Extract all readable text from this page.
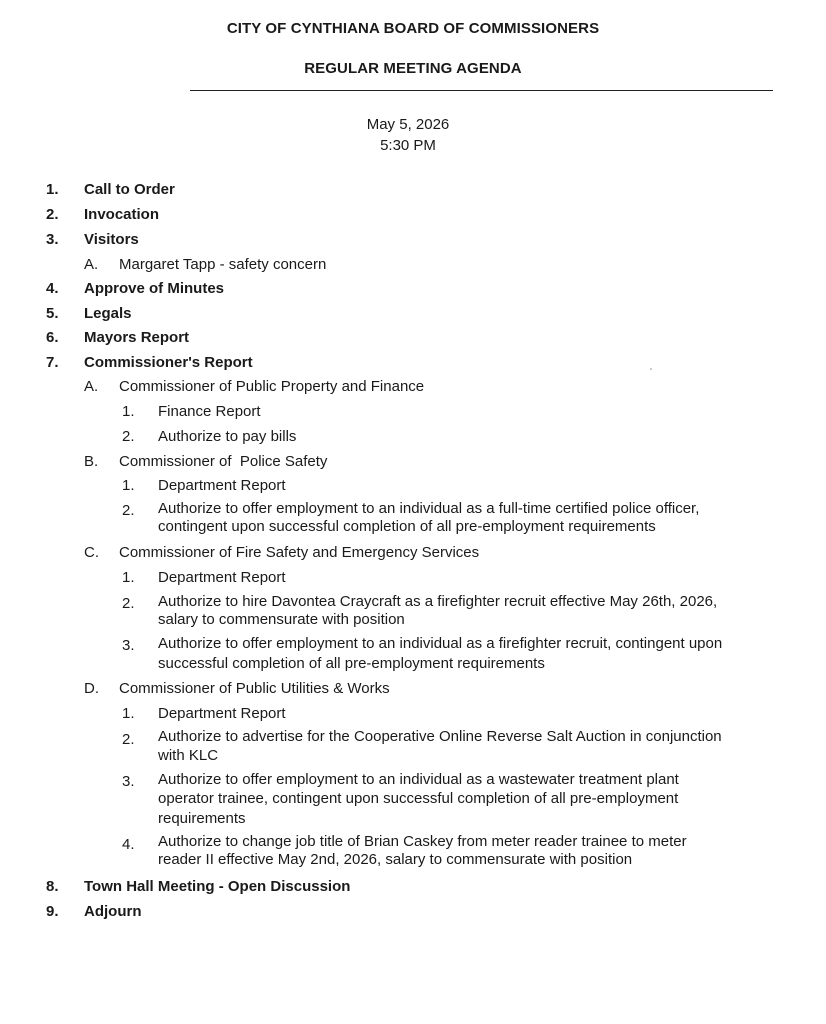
CITY OF CYNTHIANA BOARD OF COMMISSIONERS
REGULAR MEETING AGENDA
May 5, 2026
5:30 PM
1. Call to Order
2. Invocation
3. Visitors
A. Margaret Tapp - safety concern
4. Approve of Minutes
5. Legals
6. Mayors Report
7. Commissioner's Report
A. Commissioner of Public Property and Finance
1. Finance Report
2. Authorize to pay bills
B. Commissioner of  Police Safety
1. Department Report
2. Authorize to offer employment to an individual as a full-time certified police officer,
contingent upon successful completion of all pre-employment requirements
C. Commissioner of Fire Safety and Emergency Services
1. Department Report
2. Authorize to hire Davontea Craycraft as a firefighter recruit effective May 26th, 2026,
salary to commensurate with position
3. Authorize to offer employment to an individual as a firefighter recruit, contingent upon
successful completion of all pre-employment requirements
D. Commissioner of Public Utilities & Works
1. Department Report
2. Authorize to advertise for the Cooperative Online Reverse Salt Auction in conjunction
with KLC
3. Authorize to offer employment to an individual as a wastewater treatment plant
operator trainee, contingent upon successful completion of all pre-employment
requirements
4. Authorize to change job title of Brian Caskey from meter reader trainee to meter
reader II effective May 2nd, 2026, salary to commensurate with position
8. Town Hall Meeting - Open Discussion
9. Adjourn
